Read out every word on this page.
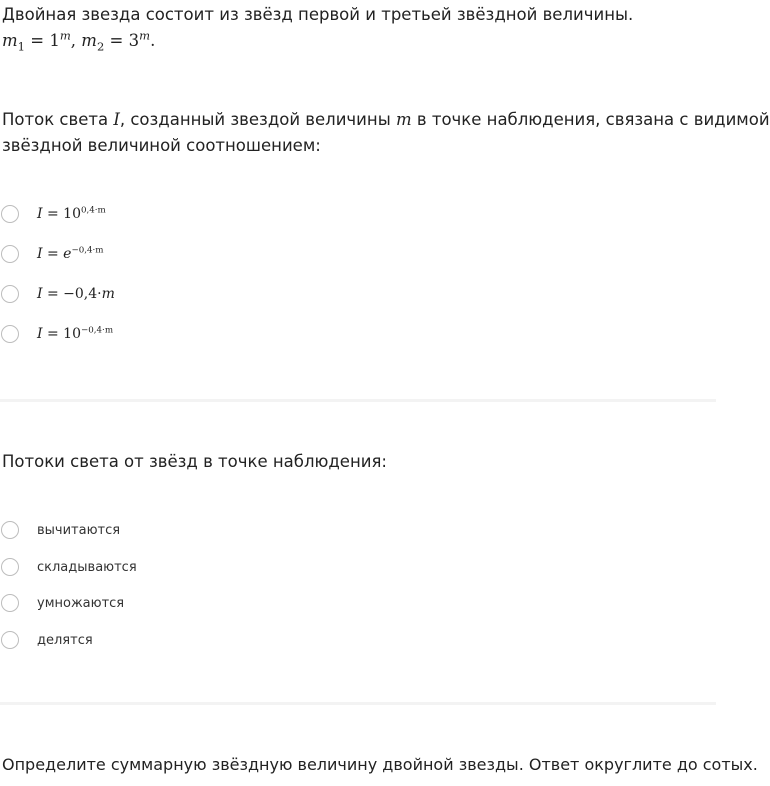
Двойная звезда состоит из звёзд первой и третьей звёздной величины.

$m_1 = 1^m$, $m_2 = 3^m$.

Поток света I, созданный звездой величины m в точке наблюдения, связана с видимой

звёздной величиной соотношением:

$I = 10^{0,4\cdot m}$
$I = e^{-0,4\cdot m}$
I = −0,4·m
$I = 10^{-0,4\cdot m}$

Потоки света от звёзд в точке наблюдения:

вычитаются
складываются
умножаются
делятся

Определите суммарную звёздную величину двойной звезды. Ответ округлите до сотых.
